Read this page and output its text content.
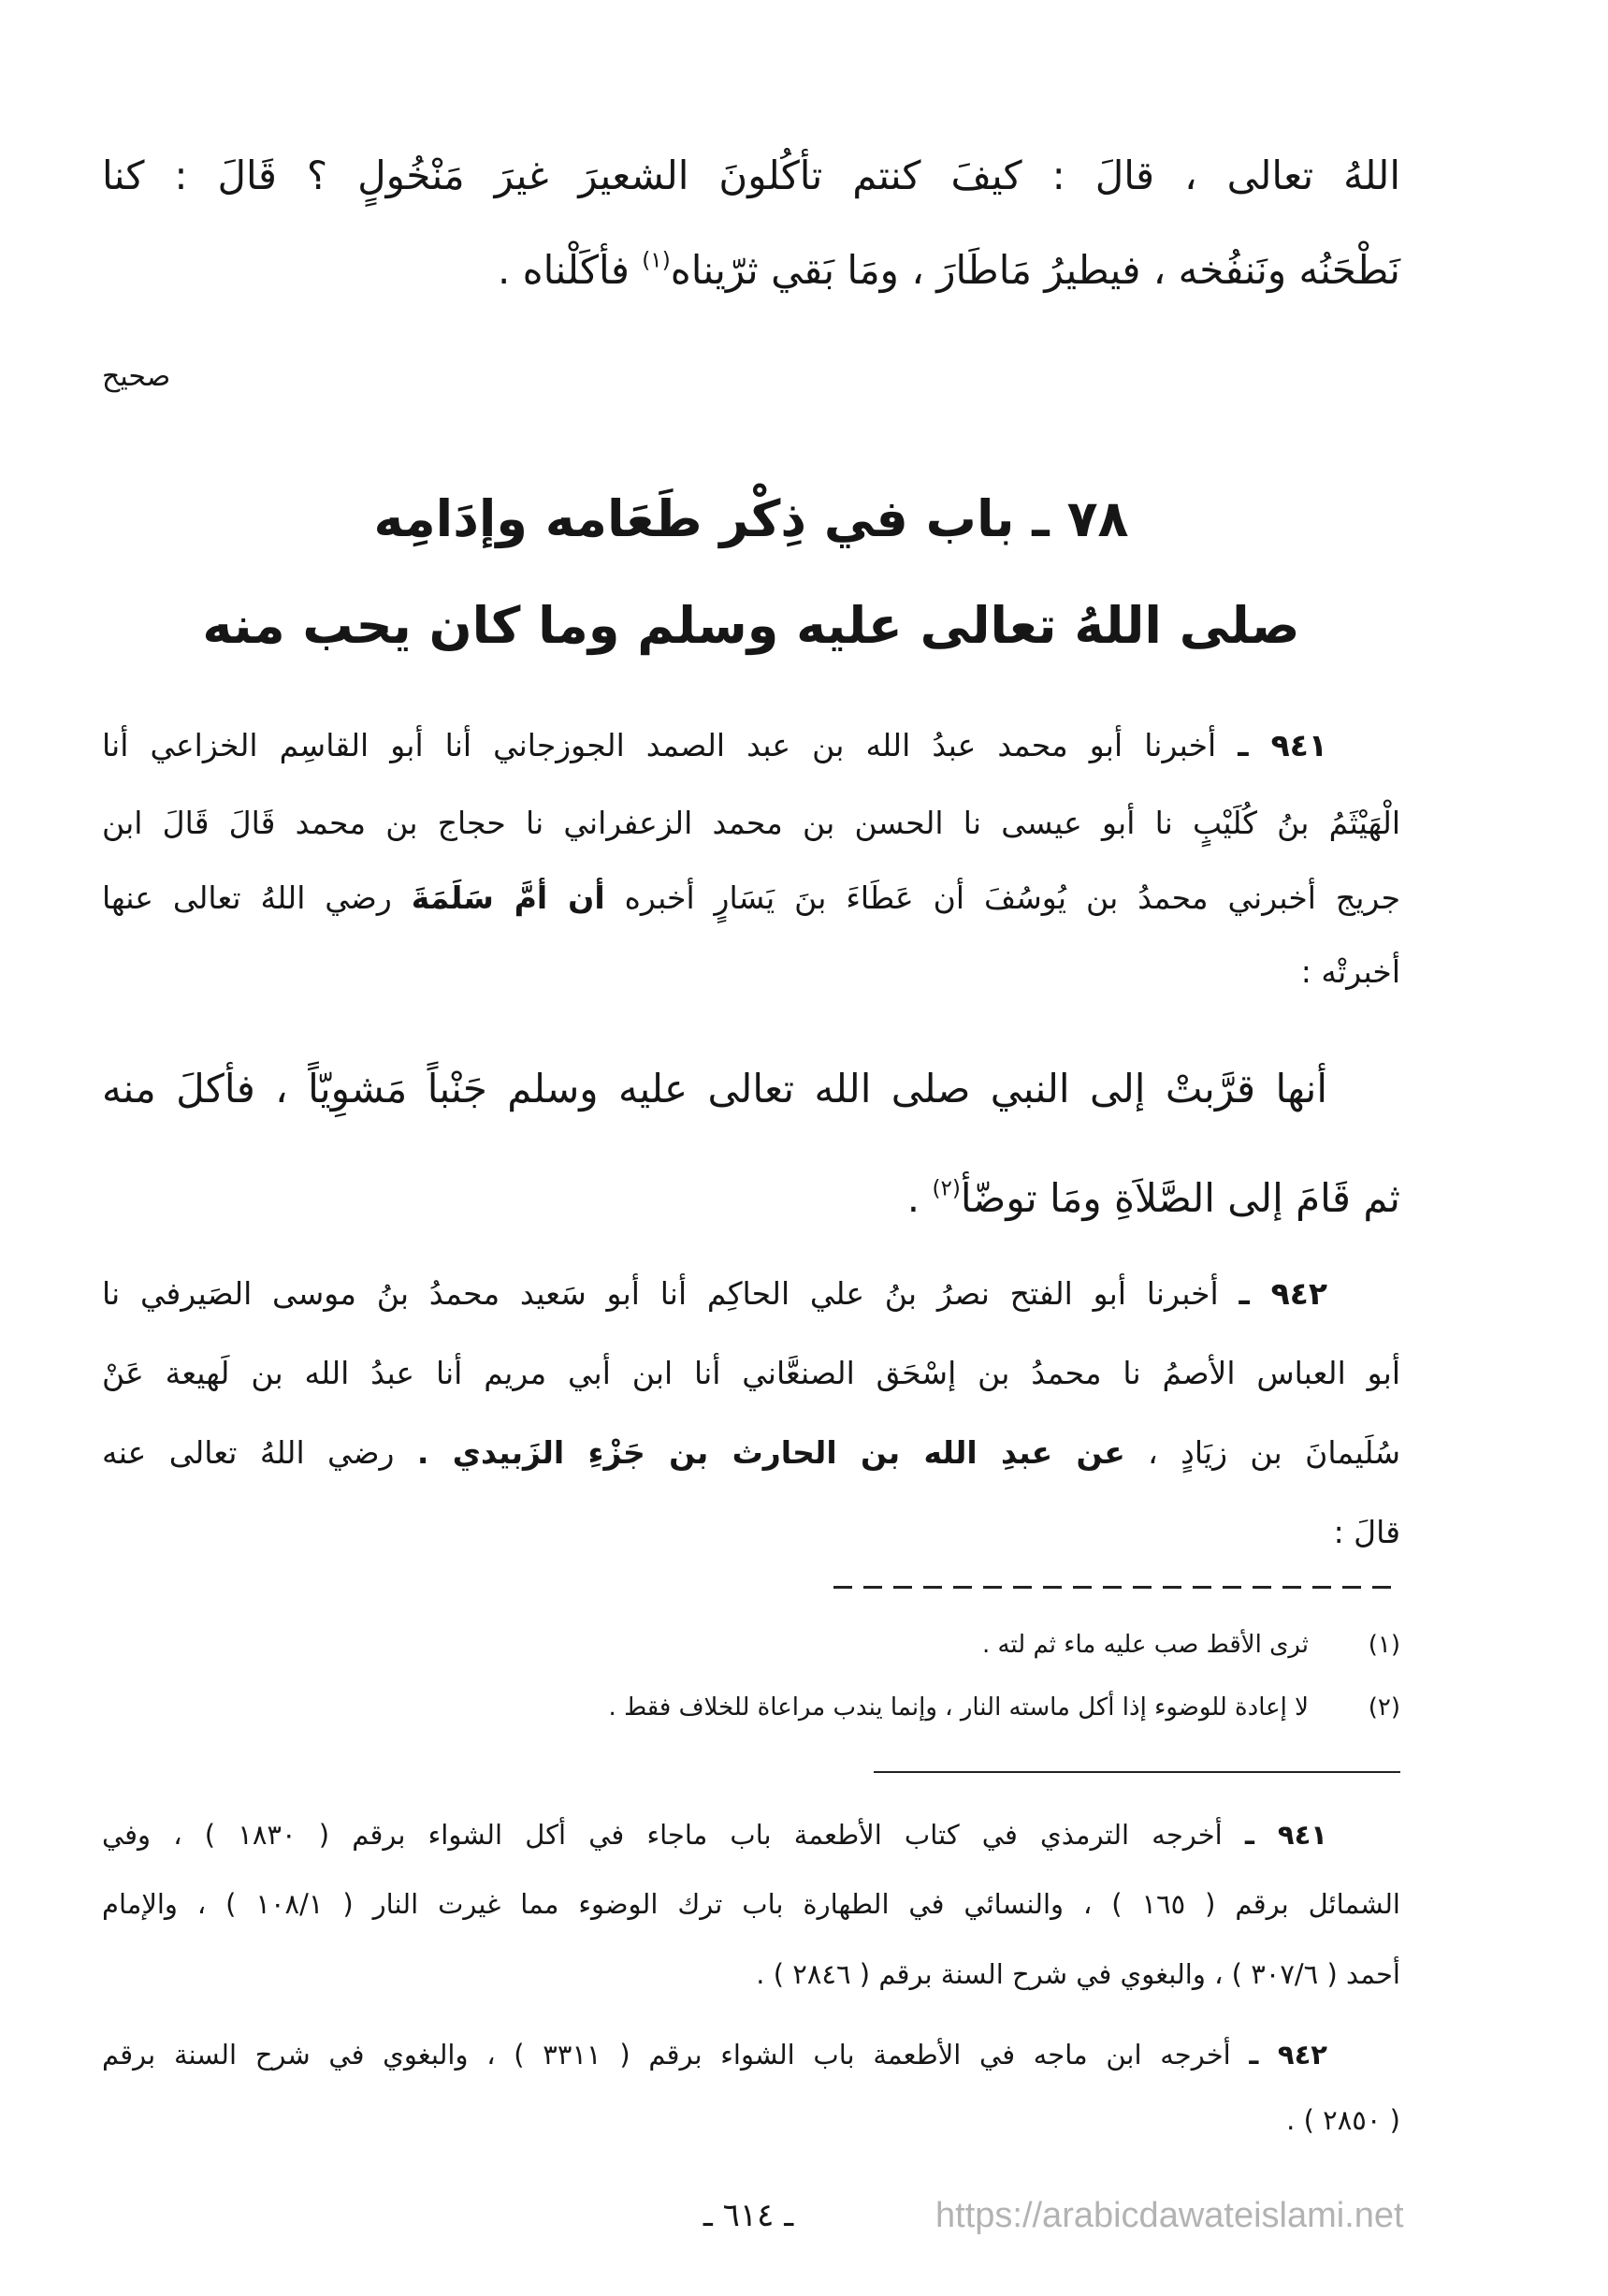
اللهُ تعالى ، قالَ : كيفَ كنتم تأكُلونَ الشعيرَ غيرَ مَنْخُولٍ ؟ قَالَ : كنا
نَطْحَنُه ونَنفُخه ، فيطيرُ مَاطَارَ ، ومَا بَقي ثرّيناه$^{(١)}$ فأكَلْناه .
صحيح
٧٨ ـ باب في ذِكْر طَعَامه وإدَامِه
صلى اللهُ تعالى عليه وسلم وما كان يحب منه
٩٤١ ـ أخبرنا أبو محمد عبدُ الله بن عبد الصمد الجوزجاني أنا أبو القاسِم الخزاعي أنا
الْهَيْثَمُ بنُ كُلَيْبٍ نا أبو عيسى نا الحسن بن محمد الزعفراني نا حجاج بن محمد قَالَ قَالَ ابن
جريج أخبرني محمدُ بن يُوسُفَ أن عَطَاءَ بنَ يَسَارٍ أخبره أن أمَّ سَلَمَةَ رضي اللهُ تعالى عنها
أخبرتْه :
أنها قرَّبتْ إلى النبي صلى الله تعالى عليه وسلم جَنْباً مَشوِيّاً ، فأكلَ منه
ثم قَامَ إلى الصَّلاَةِ ومَا توضّأ$^{(٢)}$ .
٩٤٢ ـ أخبرنا أبو الفتح نصرُ بنُ علي الحاكِم أنا أبو سَعيد محمدُ بنُ موسى الصَيرفي نا
أبو العباس الأصمُ نا محمدُ بن إسْحَق الصنعَّاني أنا ابن أبي مريم أنا عبدُ الله بن لَهيعة عَنْ
سُلَيمانَ بن زيَادٍ ، عن عبدِ الله بن الحارث بن جَزْءِ الزَبيدي . رضي اللهُ تعالى عنه
قالَ :
(١)
ثرى الأقط صب عليه ماء ثم لته .
(٢)
لا إعادة للوضوء إذا أكل ماسته النار ، وإنما يندب مراعاة للخلاف فقط .
٩٤١ ـ أخرجه الترمذي في كتاب الأطعمة باب ماجاء في أكل الشواء برقم ( ١٨٣٠ ) ، وفي
الشمائل برقم ( ١٦٥ ) ، والنسائي في الطهارة باب ترك الوضوء مما غيرت النار ( ١٠٨/١ ) ، والإمام
أحمد ( ٣٠٧/٦ ) ، والبغوي في شرح السنة برقم ( ٢٨٤٦ ) .
٩٤٢ ـ أخرجه ابن ماجه في الأطعمة باب الشواء برقم ( ٣٣١١ ) ، والبغوي في شرح السنة برقم
( ٢٨٥٠ ) .
ـ ٦١٤ ـ	https://arabicdawateislami.net
